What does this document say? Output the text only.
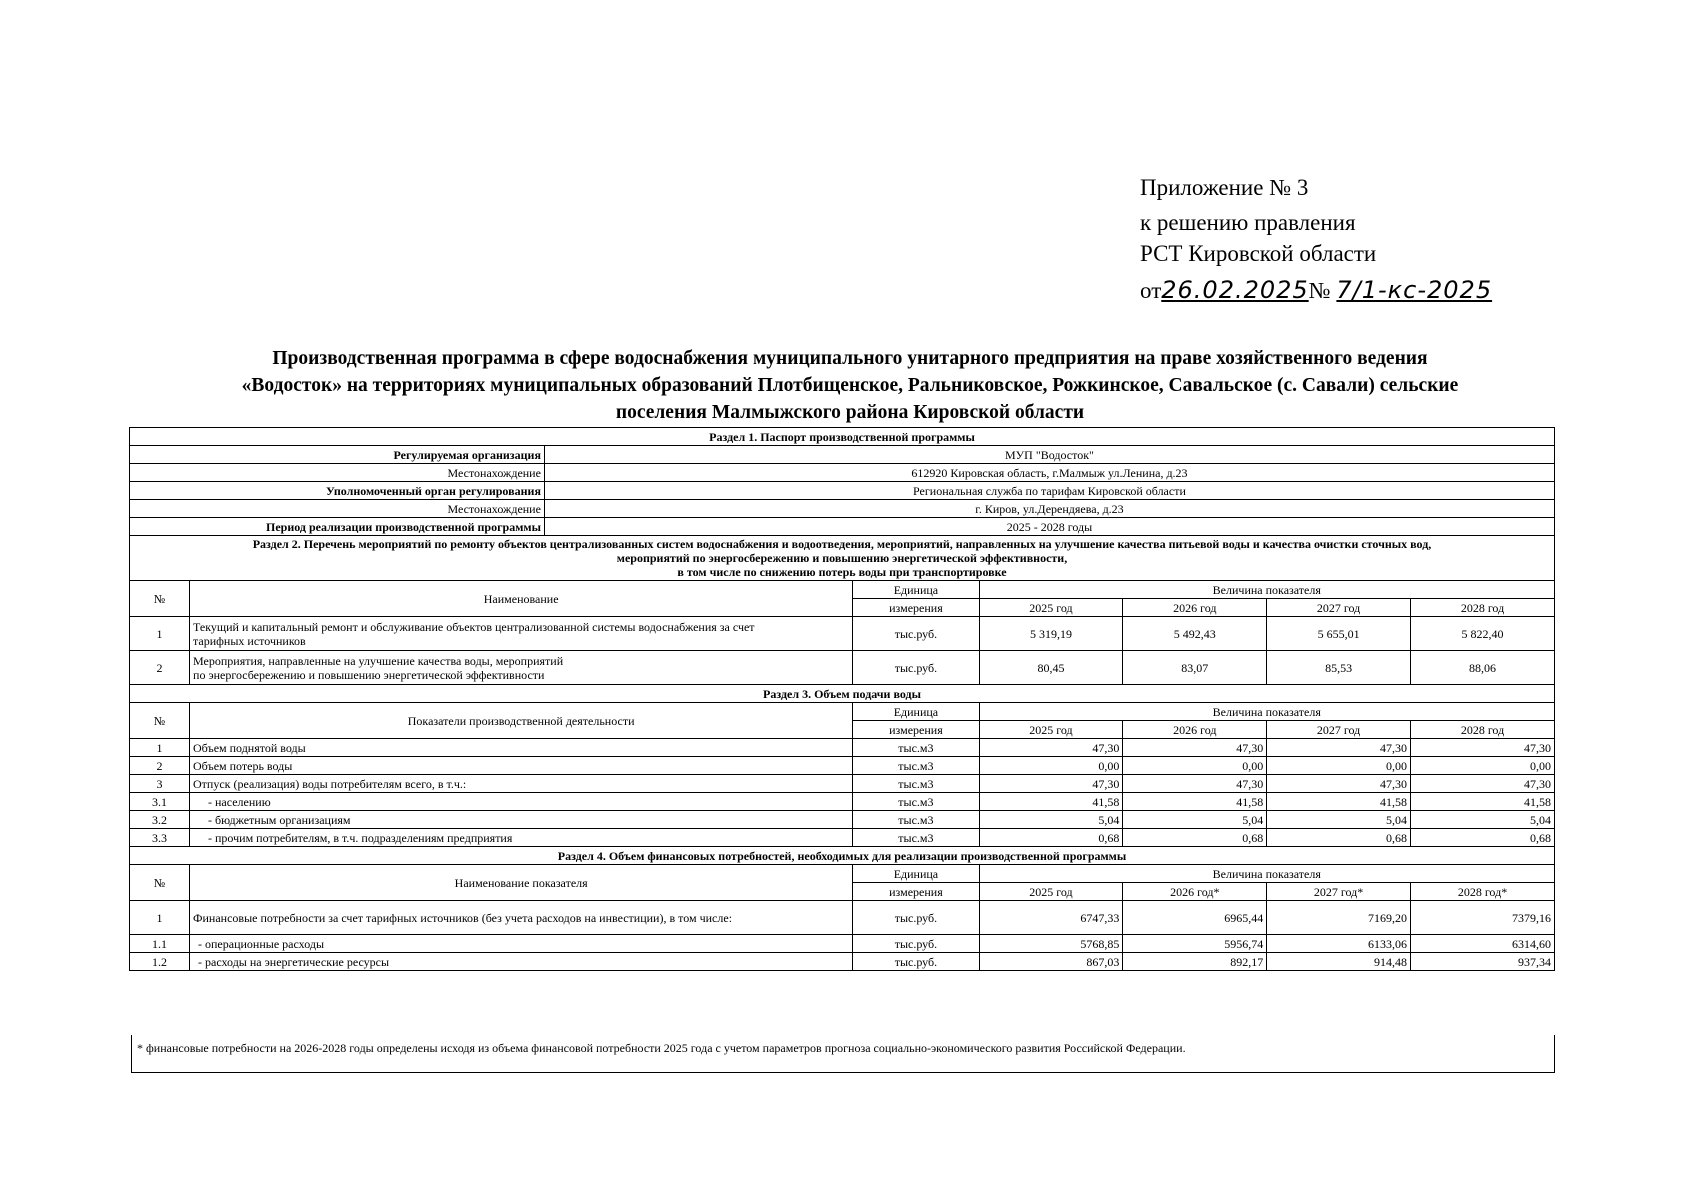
Приложение № 3
к решению правления
РСТ Кировской области
от26.02.2025№ 7/1-кс-2025
Производственная программа в сфере водоснабжения муниципального унитарного предприятия на праве хозяйственного ведения
«Водосток» на территориях муниципальных образований Плотбищенское, Ральниковское, Рожкинское, Савальское (с. Савали) сельские
поселения Малмыжского района Кировской области
Раздел 1. Паспорт производственной программы							
Регулируемая организация		МУП "Водосток"					
Местонахождение		612920 Кировская область, г.Малмыж ул.Ленина, д.23					
Уполномоченный орган регулирования		Региональная служба по тарифам Кировской области					
Местонахождение		г. Киров, ул.Дерендяева, д.23					
Период реализации производственной программы		2025 - 2028 годы					

Раздел 2. Перечень мероприятий по ремонту объектов централизованных систем водоснабжения и водоотведения, мероприятий, направленных на улучшение качества питьевой воды и качества очистки сточных вод,
мероприятий по энергосбережению и повышению энергетической эффективности,
в том числе по снижению потерь воды при транспортировке							

№	Наименование		Единица	Величина показателя			
			измерения	2025 год	2026 год	2027 год	2028 год
1	Текущий и капитальный ремонт и обслуживание объектов централизованной системы водоснабжения за счет
тарифных источников		тыс.руб.	5 319,19	5 492,43	5 655,01	5 822,40
2	Мероприятия, направленные на улучшение качества воды, мероприятий
по энергосбережению и повышению энергетической эффективности		тыс.руб.	80,45	83,07	85,53	88,06
Раздел 3. Объем подачи воды							
№	Показатели производственной деятельности		Единица	Величина показателя			
			измерения	2025 год	2026 год	2027 год	2028 год
1	Объем поднятой воды		тыс.м3	47,30	47,30	47,30	47,30
2	Объем потерь воды		тыс.м3	0,00	0,00	0,00	0,00
3	Отпуск (реализация) воды потребителям всего, в т.ч.:		тыс.м3	47,30	47,30	47,30	47,30
3.1	- населению		тыс.м3	41,58	41,58	41,58	41,58
3.2	- бюджетным организациям		тыс.м3	5,04	5,04	5,04	5,04
3.3	- прочим потребителям, в т.ч. подразделениям предприятия		тыс.м3	0,68	0,68	0,68	0,68
Раздел 4. Объем финансовых потребностей, необходимых для реализации производственной программы							
№	Наименование показателя		Единица	Величина показателя			
			измерения	2025 год	2026 год*	2027 год*	2028 год*
1	Финансовые потребности за счет тарифных источников (без учета расходов на инвестиции), в том числе:		тыс.руб.	6747,33	6965,44	7169,20	7379,16
1.1	- операционные расходы		тыс.руб.	5768,85	5956,74	6133,06	6314,60
1.2	- расходы на энергетические ресурсы		тыс.руб.	867,03	892,17	914,48	937,34
* финансовые потребности на 2026-2028 годы определены исходя из объема финансовой потребности 2025 года с учетом параметров прогноза социально-экономического развития Российской Федерации.
